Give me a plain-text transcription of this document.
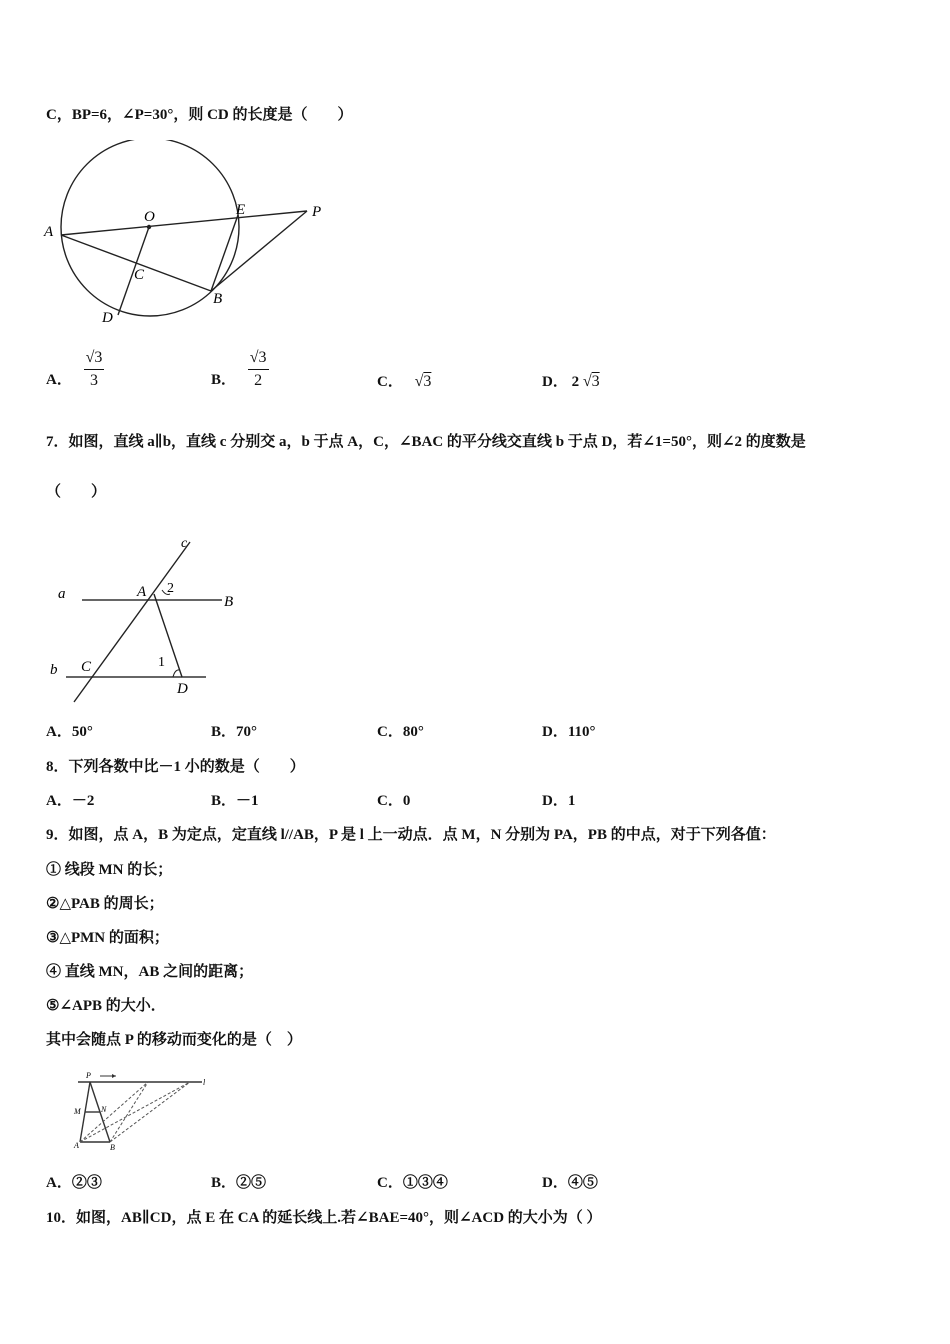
C，BP=6，∠P=30°，则 CD 的长度是（　　）
A
O	E	P
C
B
D
A． $\frac{√3}{3}$	B． $\frac{√3}{2}$	C． √3	D． 2 √3
7．如图，直线 a∥b，直线 c 分别交 a，b 于点 A，C，∠BAC 的平分线交直线 b 于点 D，若∠1=50°，则∠2 的度数是
（　　）
c
a	A 2
B
b C	1
D
A．50°	B．70°	C．80°	D．110°
8．下列各数中比－1 小的数是（　　）
A．－2	B．－1	C．0	D．1
9．如图，点 A，B 为定点，定直线 l//AB，P 是 l 上一动点．点 M，N 分别为 PA，PB 的中点，对于下列各值：
① 线段 MN 的长；
②△PAB 的周长；
③△PMN 的面积；
④ 直线 MN，AB 之间的距离；
⑤∠APB 的大小．
其中会随点 P 的移动而变化的是（　）
P
l
M	N
A	B
A．②③	B．②⑤	C．①③④	D．④⑤
10．如图，AB∥CD，点 E 在 CA 的延长线上.若∠BAE=40°，则∠ACD 的大小为（ ）
